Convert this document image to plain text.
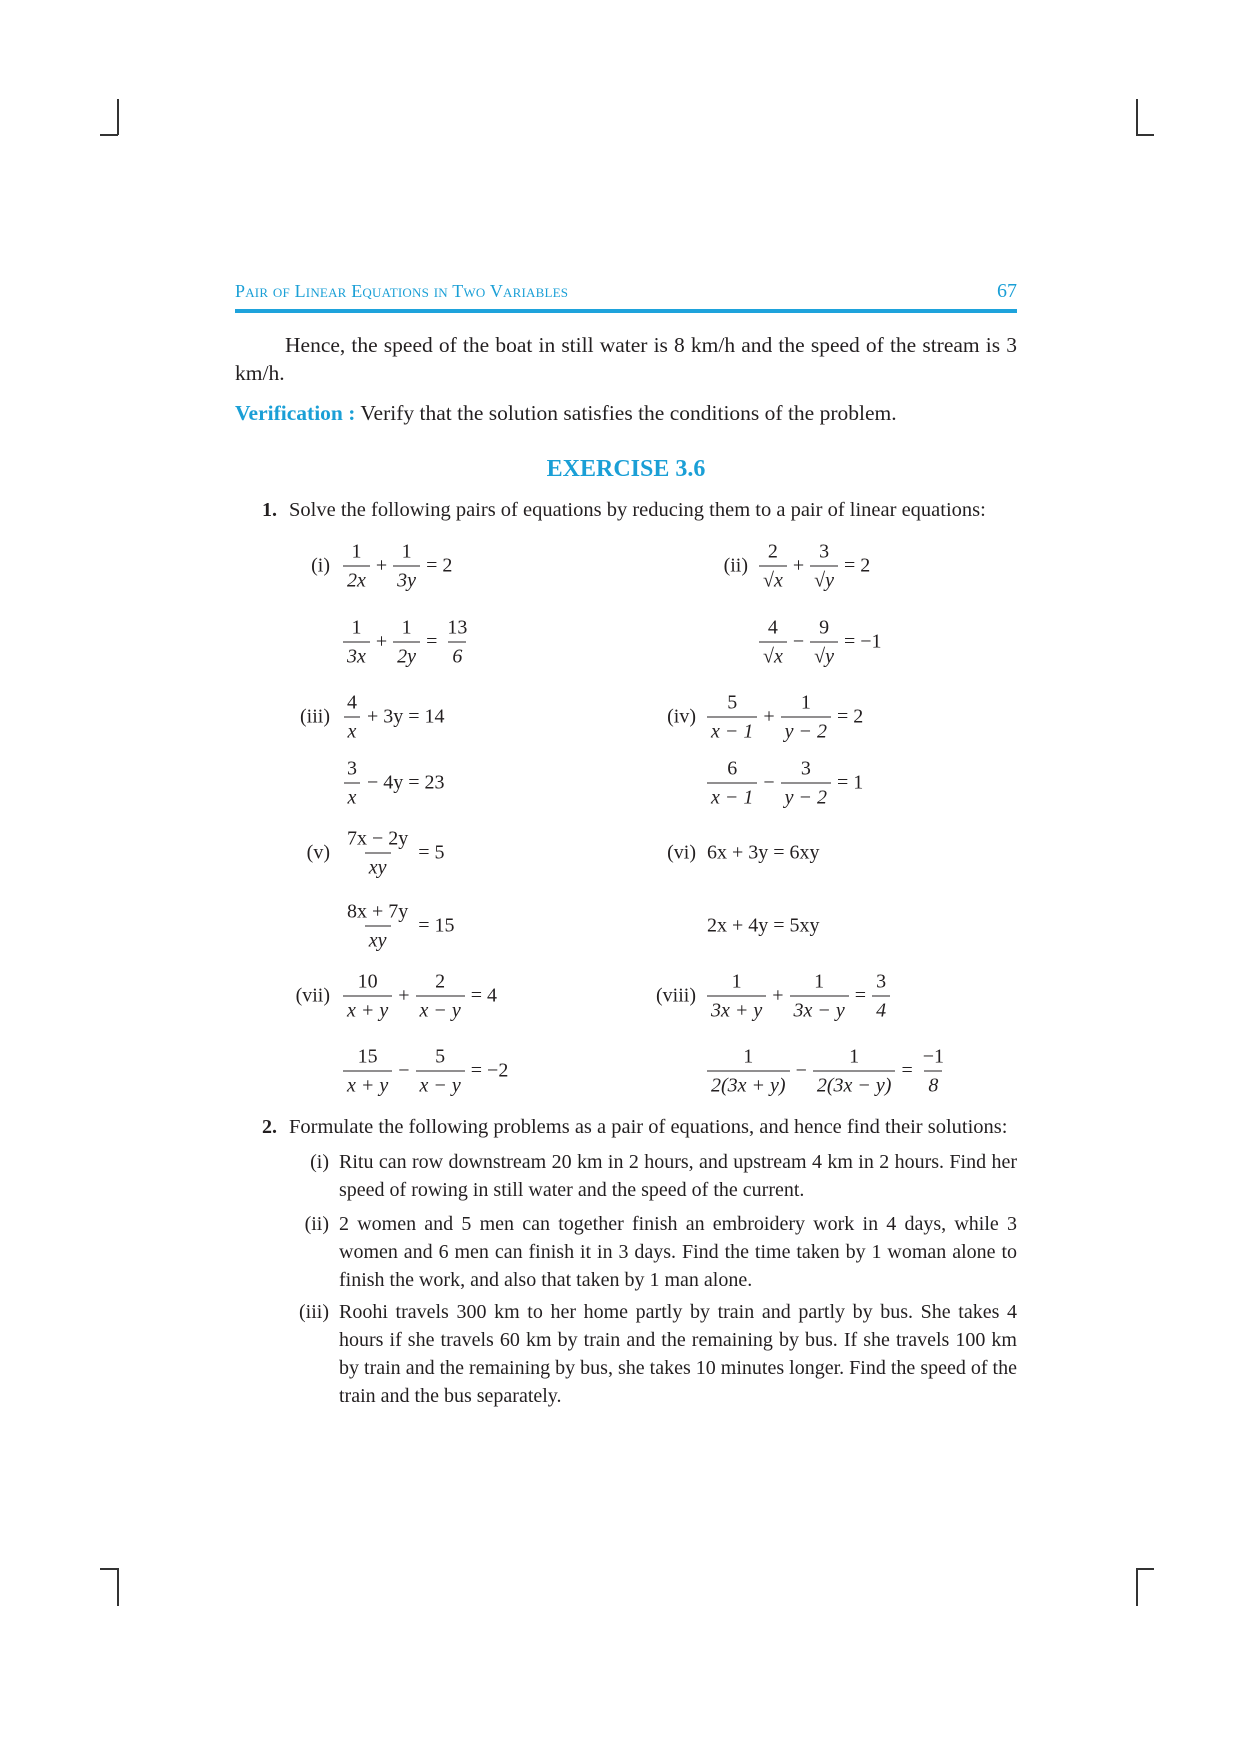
Pair of Linear Equations in Two Variables	67
Hence, the speed of the boat in still water is 8 km/h and the speed of the stream is 3 km/h.
Verification : Verify that the solution satisfies the conditions of the problem.
EXERCISE 3.6
1. Solve the following pairs of equations by reducing them to a pair of linear equations:
$(i) \frac{1}{2x} + \frac{1}{3y} = 2$
$\frac{1}{3x} + \frac{1}{2y} = \frac{13}{6}$
$(ii) \frac{2}{√x} + \frac{3}{√y} = 2$
$\frac{4}{√x} - \frac{9}{√y} = -1$
$(iii) \frac{4}{x} + 3y = 14$
$\frac{3}{x} - 4y = 23$
$(iv) \frac{5}{x - 1} + \frac{1}{y - 2} = 2$
$\frac{6}{x - 1} - \frac{3}{y - 2} = 1$
$(v) \frac{7x - 2y}{xy} = 5$
$\frac{8x + 7y}{xy} = 15$
(vi) 6x + 3y = 6xy
2x + 4y = 5xy
$(vii) \frac{10}{x + y} + \frac{2}{x - y} = 4$
$\frac{15}{x + y} - \frac{5}{x - y} = -2$
(viii) $\frac{1}{3x + y} + \frac{1}{3x - y} = \frac{3}{4}$
$\frac{1}{2(3x + y)} - \frac{1}{2(3x - y)} = \frac{-1}{8}$
2. Formulate the following problems as a pair of equations, and hence find their solutions:
(i) Ritu can row downstream 20 km in 2 hours, and upstream 4 km in 2 hours. Find her speed of rowing in still water and the speed of the current.
(ii) 2 women and 5 men can together finish an embroidery work in 4 days, while 3 women and 6 men can finish it in 3 days. Find the time taken by 1 woman alone to finish the work, and also that taken by 1 man alone.
(iii) Roohi travels 300 km to her home partly by train and partly by bus. She takes 4 hours if she travels 60 km by train and the remaining by bus. If she travels 100 km by train and the remaining by bus, she takes 10 minutes longer. Find the speed of the train and the bus separately.
